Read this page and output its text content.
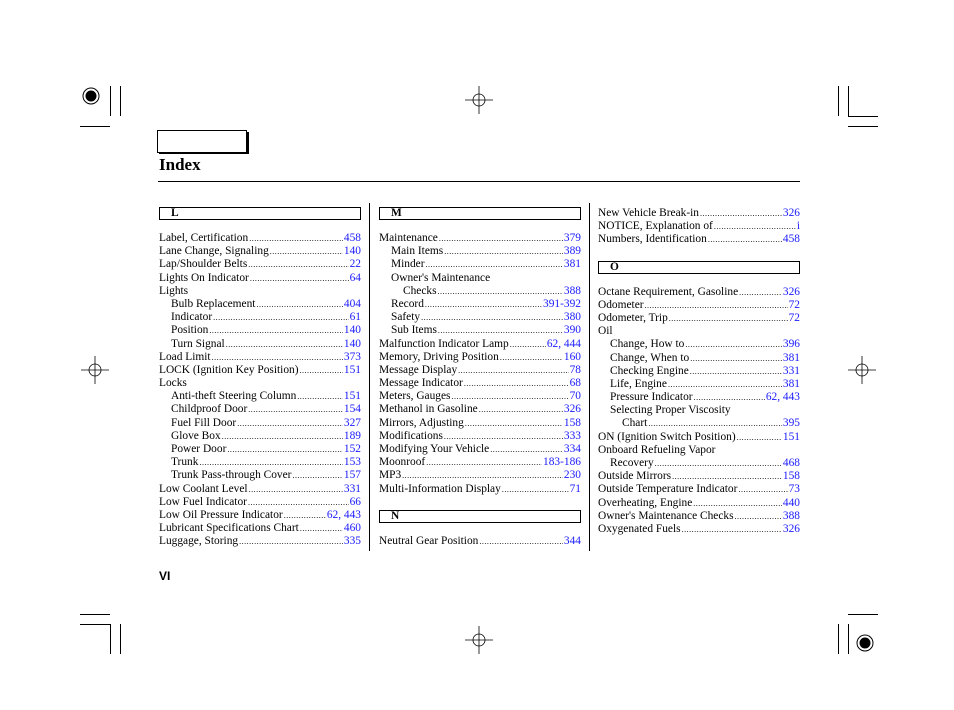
Index
L
Label, Certification .....	458
Lane Change, Signaling .....	140
Lap/Shoulder Belts .....	22
Lights On Indicator .....	64
Lights
Bulb Replacement .....	404
Indicator .....	61
Position .....	140
Turn Signal .....	140
Load Limit .....	373
LOCK (Ignition Key Position) .....	151
Locks
Anti-theft Steering Column .....	151
Childproof Door .....	154
Fuel Fill Door .....	327
Glove Box .....	189
Power Door .....	152
Trunk .....	153
Trunk Pass-through Cover .....	157
Low Coolant Level .....	331
Low Fuel Indicator .....	66
Low Oil Pressure Indicator .....	62, 443
Lubricant Specifications Chart .....	460
Luggage, Storing .....	335
M
Maintenance .....	379
Main Items .....	389
Minder .....	381
Owner's Maintenance
Checks .....	388
Record .....	391-392
Safety .....	380
Sub Items .....	390
Malfunction Indicator Lamp .....	62, 444
Memory, Driving Position .....	160
Message Display .....	78
Message Indicator .....	68
Meters, Gauges .....	70
Methanol in Gasoline .....	326
Mirrors, Adjusting .....	158
Modifications .....	333
Modifying Your Vehicle .....	334
Moonroof .....	183-186
MP3 .....	230
Multi-Information Display .....	71
N
Neutral Gear Position .....	344
New Vehicle Break-in .....	326
NOTICE, Explanation of .....	i
Numbers, Identification .....	458
O
Octane Requirement, Gasoline .....	326
Odometer .....	72
Odometer, Trip .....	72
Oil
Change, How to .....	396
Change, When to .....	381
Checking Engine .....	331
Life, Engine .....	381
Pressure Indicator .....	62, 443
Selecting Proper Viscosity
Chart .....	395
ON (Ignition Switch Position) .....	151
Onboard Refueling Vapor
Recovery .....	468
Outside Mirrors .....	158
Outside Temperature Indicator .....	73
Overheating, Engine .....	440
Owner's Maintenance Checks .....	388
Oxygenated Fuels .....	326
VI
